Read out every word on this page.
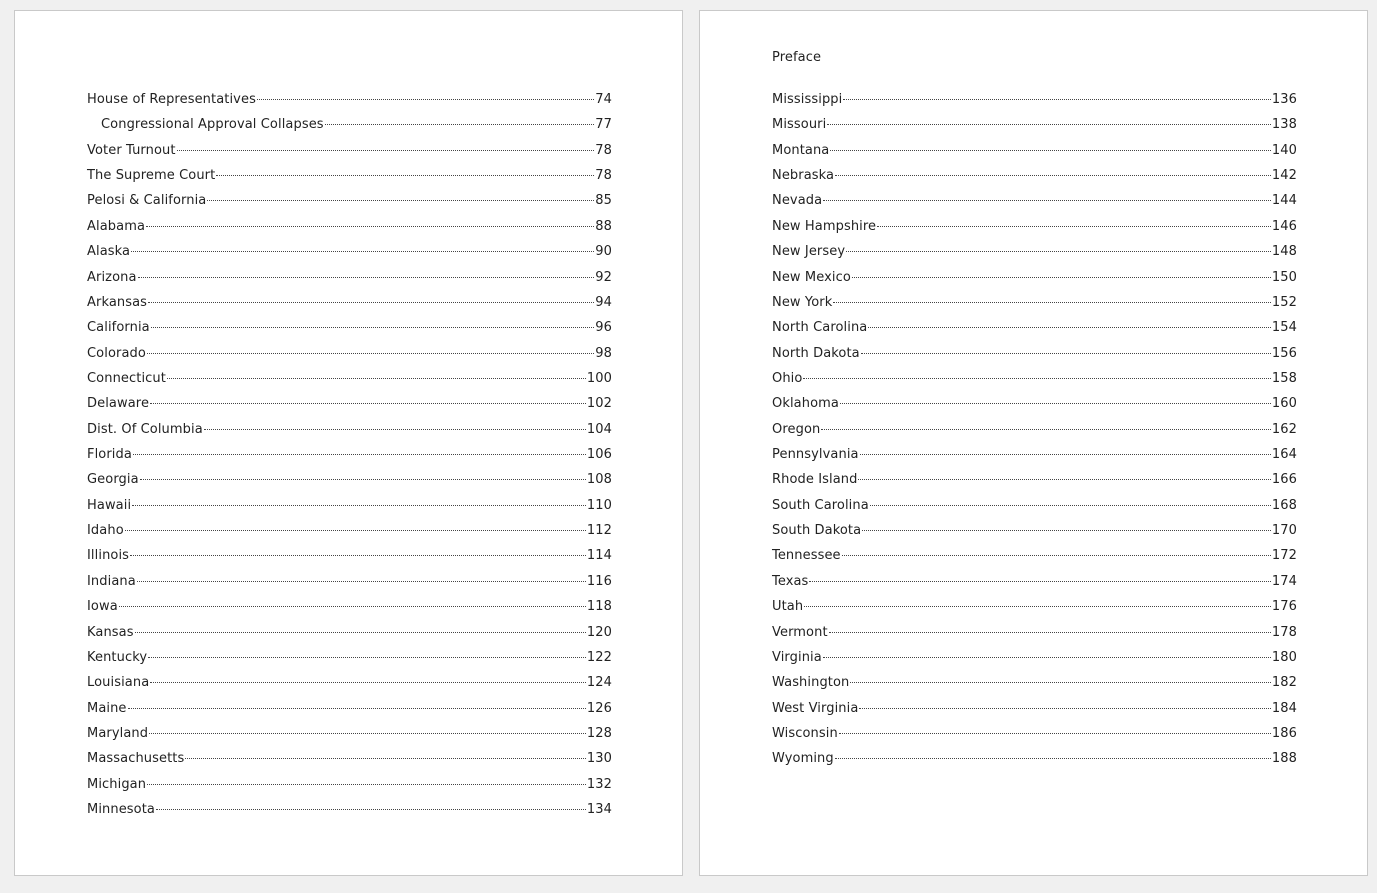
House of Representatives	74
Congressional Approval Collapses	77
Voter Turnout	78
The Supreme Court	78
Pelosi & California	85
Alabama	88
Alaska	90
Arizona	92
Arkansas	94
California	96
Colorado	98
Connecticut	100
Delaware	102
Dist. Of Columbia	104
Florida	106
Georgia	108
Hawaii	110
Idaho	112
Illinois	114
Indiana	116
Iowa	118
Kansas	120
Kentucky	122
Louisiana	124
Maine	126
Maryland	128
Massachusetts	130
Michigan	132
Minnesota	134
Preface
Mississippi	136
Missouri	138
Montana	140
Nebraska	142
Nevada	144
New Hampshire	146
New Jersey	148
New Mexico	150
New York	152
North Carolina	154
North Dakota	156
Ohio	158
Oklahoma	160
Oregon	162
Pennsylvania	164
Rhode Island	166
South Carolina	168
South Dakota	170
Tennessee	172
Texas	174
Utah	176
Vermont	178
Virginia	180
Washington	182
West Virginia	184
Wisconsin	186
Wyoming	188
